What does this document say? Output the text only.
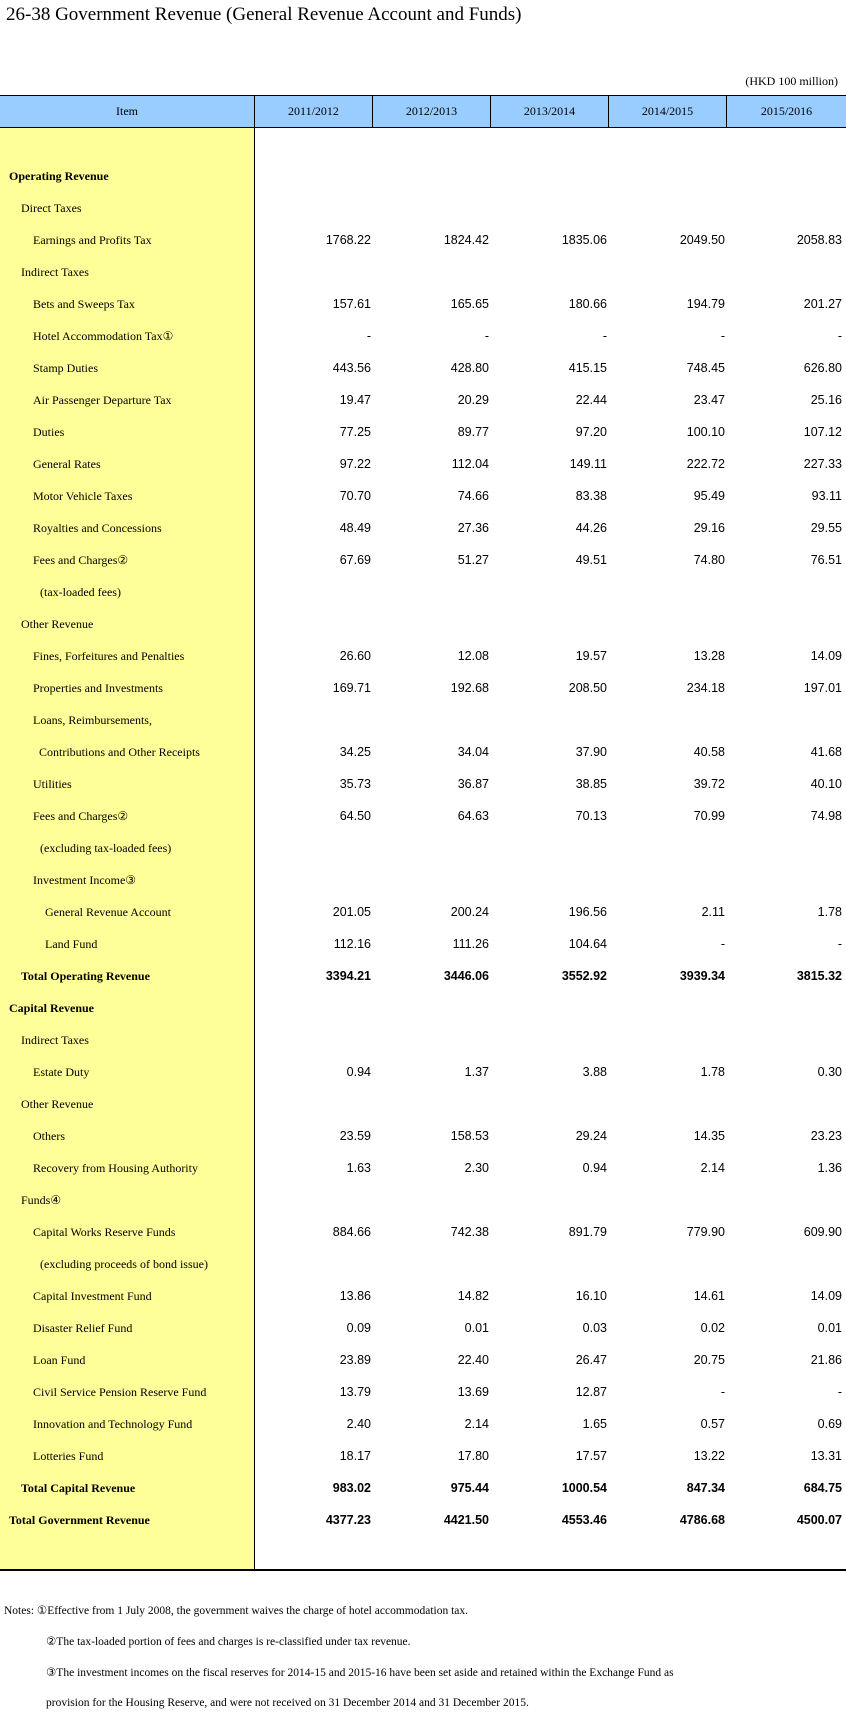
26-38 Government Revenue (General Revenue Account and Funds)
(HKD 100 million)
Item	2011/2012	2012/2013	2013/2014	2014/2015	2015/2016
Operating Revenue
Direct Taxes
Earnings and Profits Tax	1768.22	1824.42	1835.06	2049.50	2058.83
Indirect Taxes
Bets and Sweeps Tax	157.61	165.65	180.66	194.79	201.27
Hotel Accommodation Tax①	-	-	-	-	-
Stamp Duties	443.56	428.80	415.15	748.45	626.80
Air Passenger Departure Tax	19.47	20.29	22.44	23.47	25.16
Duties	77.25	89.77	97.20	100.10	107.12
General Rates	97.22	112.04	149.11	222.72	227.33
Motor Vehicle Taxes	70.70	74.66	83.38	95.49	93.11
Royalties and Concessions	48.49	27.36	44.26	29.16	29.55
Fees and Charges②	67.69	51.27	49.51	74.80	76.51
(tax-loaded fees)
Other Revenue
Fines, Forfeitures and Penalties	26.60	12.08	19.57	13.28	14.09
Properties and Investments	169.71	192.68	208.50	234.18	197.01
Loans, Reimbursements,
Contributions and Other Receipts	34.25	34.04	37.90	40.58	41.68
Utilities	35.73	36.87	38.85	39.72	40.10
Fees and Charges②	64.50	64.63	70.13	70.99	74.98
(excluding tax-loaded fees)
Investment Income③
General Revenue Account	201.05	200.24	196.56	2.11	1.78
Land Fund	112.16	111.26	104.64	-	-
Total Operating Revenue	3394.21	3446.06	3552.92	3939.34	3815.32
Capital Revenue
Indirect Taxes
Estate Duty	0.94	1.37	3.88	1.78	0.30
Other Revenue
Others	23.59	158.53	29.24	14.35	23.23
Recovery from Housing Authority	1.63	2.30	0.94	2.14	1.36
Funds④
Capital Works Reserve Funds	884.66	742.38	891.79	779.90	609.90
(excluding proceeds of bond issue)
Capital Investment Fund	13.86	14.82	16.10	14.61	14.09
Disaster Relief Fund	0.09	0.01	0.03	0.02	0.01
Loan Fund	23.89	22.40	26.47	20.75	21.86
Civil Service Pension Reserve Fund	13.79	13.69	12.87	-	-
Innovation and Technology Fund	2.40	2.14	1.65	0.57	0.69
Lotteries Fund	18.17	17.80	17.57	13.22	13.31
Total Capital Revenue	983.02	975.44	1000.54	847.34	684.75
Total Government Revenue	4377.23	4421.50	4553.46	4786.68	4500.07
Notes: ①Effective from 1 July 2008, the government waives the charge of hotel accommodation tax.
②The tax-loaded portion of fees and charges is re-classified under tax revenue.
③The investment incomes on the fiscal reserves for 2014-15 and 2015-16 have been set aside and retained within the Exchange Fund as
provision for the Housing Reserve, and were not received on 31 December 2014 and 31 December 2015.
